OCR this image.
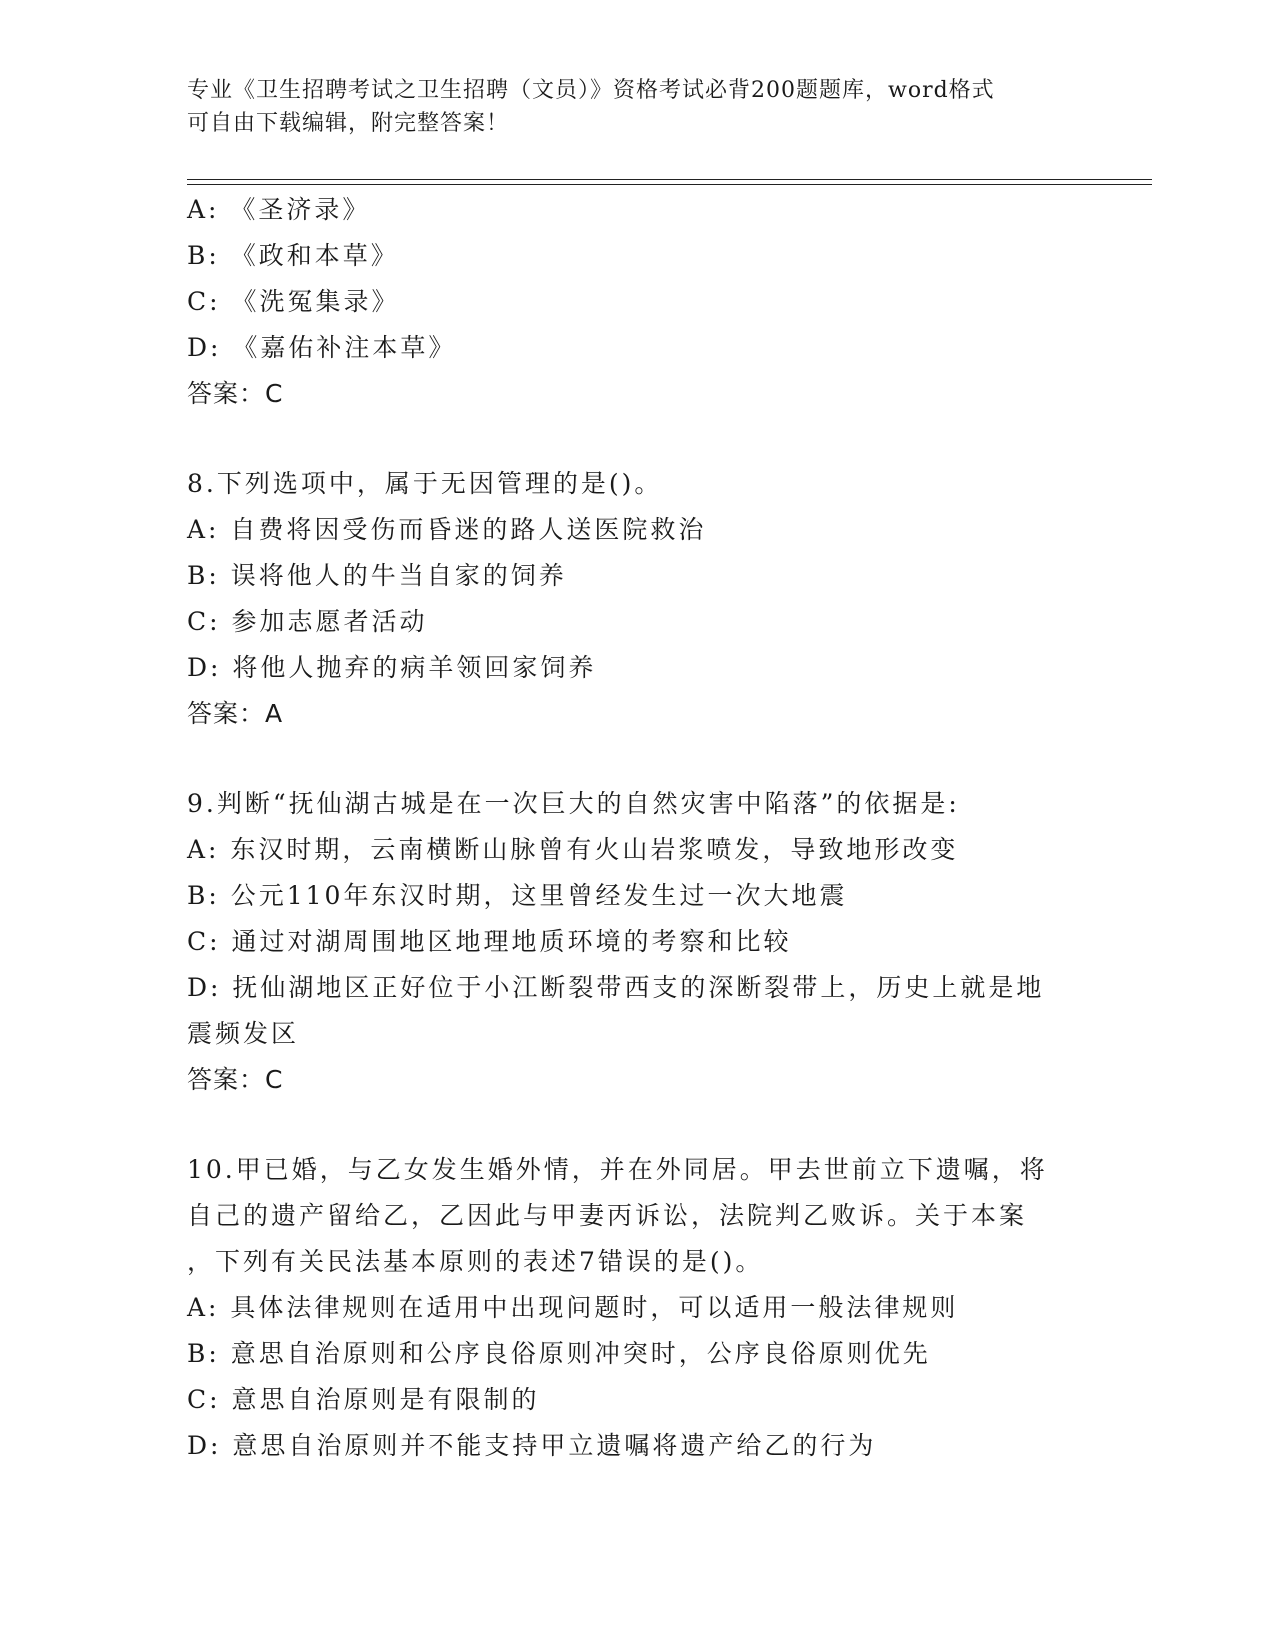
专业《卫生招聘考试之卫生招聘（文员）》资格考试必背200题题库，word格式
可自由下载编辑，附完整答案！
A: 《圣济录》
B: 《政和本草》
C: 《洗冤集录》
D: 《嘉佑补注本草》
答案：C
8.下列选项中，属于无因管理的是()。
A: 自费将因受伤而昏迷的路人送医院救治
B: 误将他人的牛当自家的饲养
C: 参加志愿者活动
D: 将他人抛弃的病羊领回家饲养
答案：A
9.判断“抚仙湖古城是在一次巨大的自然灾害中陷落”的依据是:
A: 东汉时期，云南横断山脉曾有火山岩浆喷发，导致地形改变
B: 公元110年东汉时期，这里曾经发生过一次大地震
C: 通过对湖周围地区地理地质环境的考察和比较
D: 抚仙湖地区正好位于小江断裂带西支的深断裂带上，历史上就是地
震频发区
答案：C
10.甲已婚，与乙女发生婚外情，并在外同居。甲去世前立下遗嘱，将
自己的遗产留给乙，乙因此与甲妻丙诉讼，法院判乙败诉。关于本案
，下列有关民法基本原则的表述7错误的是()。
A: 具体法律规则在适用中出现问题时，可以适用一般法律规则
B: 意思自治原则和公序良俗原则冲突时，公序良俗原则优先
C: 意思自治原则是有限制的
D: 意思自治原则并不能支持甲立遗嘱将遗产给乙的行为
